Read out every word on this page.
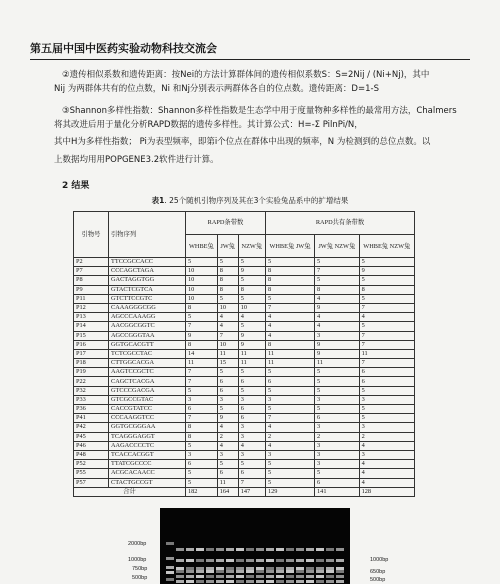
第五届中国中医药实验动物科技交流会
②遗传相似系数和遗传距离：按Nei的方法计算群体间的遗传相似系数S：S=2Nij / (Ni+Nj)，其中
Nij 为两群体共有的位点数，Ni 和Nj分别表示两群体各自的位点数。遗传距离：D=1-S
③Shannon多样性指数：Shannon多样性指数是生态学中用于度量物种多样性的最常用方法，Chalmers
将其改进后用于量化分析RAPD数据的遗传多样性。其计算公式：H=-Σ PilnPi/N，
其中H为多样性指数； Pi为表型频率，即第i个位点在群体中出现的频率，N 为检测到的总位点数。以
上数据均用用POPGENE3.2软件进行计算。
2 结果
表1. 25个随机引物序列及其在3个实验兔品系中的扩增结果
引物号	引物序列	RAPD条带数			RAPD共有条带数		
		WHBE兔	JW兔	NZW兔	WHBE兔 JW兔	JW兔 NZW兔	WHBE兔 NZW兔
P2	TTCCGCCACC	5	5	5	5	5	5
P7	CCCAGCTAGA	10	8	9	8	7	9
P8	GACTAGGTGG	10	8	5	8	5	5
P9	GTACTCGTCA	10	8	8	8	8	8
P11	GTCTTCCGTC	10	5	5	5	4	5
P12	CAAAGGGCGG	8	10	10	7	9	7
P13	AGCCCAAAGG	5	4	4	4	4	4
P14	AACGGCGGTC	7	4	5	4	4	5
P15	AGCCGGGTAA	9	7	9	4	3	7
P16	GGTGCACGTT	8	10	9	8	9	7
P17	TCTCGCCTAC	14	11	11	11	9	11
P18	CTTGGCACGA	11	15	11	11	11	7
P19	AAGTCCGCTC	7	5	5	5	5	6
P22	CAGCTCACGA	7	6	6	6	5	6
P32	GTCCCGACGA	5	6	5	5	5	5
P33	GTCGCCGTAC	3	3	3	3	3	3
P36	CACCGTATCC	6	5	6	5	5	5
P41	CCCAAGGTCC	7	9	6	7	6	5
P42	GGTGCGGGAA	8	4	3	4	3	3
P45	TCAGGGAGGT	8	2	3	2	2	2
P46	AAGACCCCTC	5	4	4	4	3	4
P48	TCACCACGGT	3	3	3	3	3	3
P52	TTATCGCCCC	6	5	5	5	3	4
P55	ACGCACAACC	5	6	6	5	5	4
P57	CTACTGCCGT	5	11	7	5	6	4
合计		182	164	147	129	141	128
2000bp
1000bp
750bp
500bp
1000bp
650bp
500bp
